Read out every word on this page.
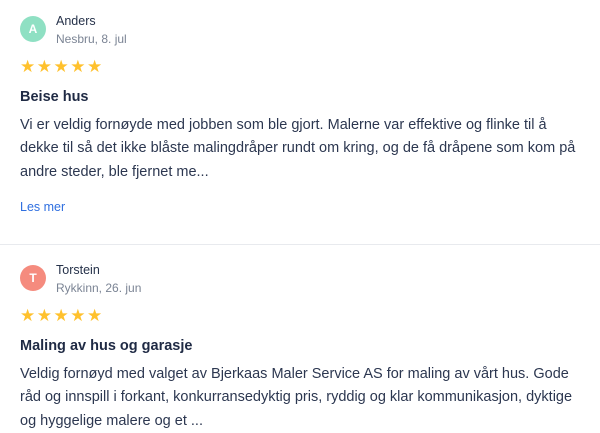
A
Anders
Nesbru, 8. jul
★★★★★
Beise hus
Vi er veldig fornøyde med jobben som ble gjort. Malerne var effektive og flinke til å dekke til så det ikke blåste malingdråper rundt om kring, og de få dråpene som kom på andre steder, ble fjernet me...
Les mer
T
Torstein
Rykkinn, 26. jun
★★★★★
Maling av hus og garasje
Veldig fornøyd med valget av Bjerkaas Maler Service AS for maling av vårt hus. Gode råd og innspill i forkant, konkurransedyktig pris, ryddig og klar kommunikasjon, dyktige og hyggelige malere og et ...
